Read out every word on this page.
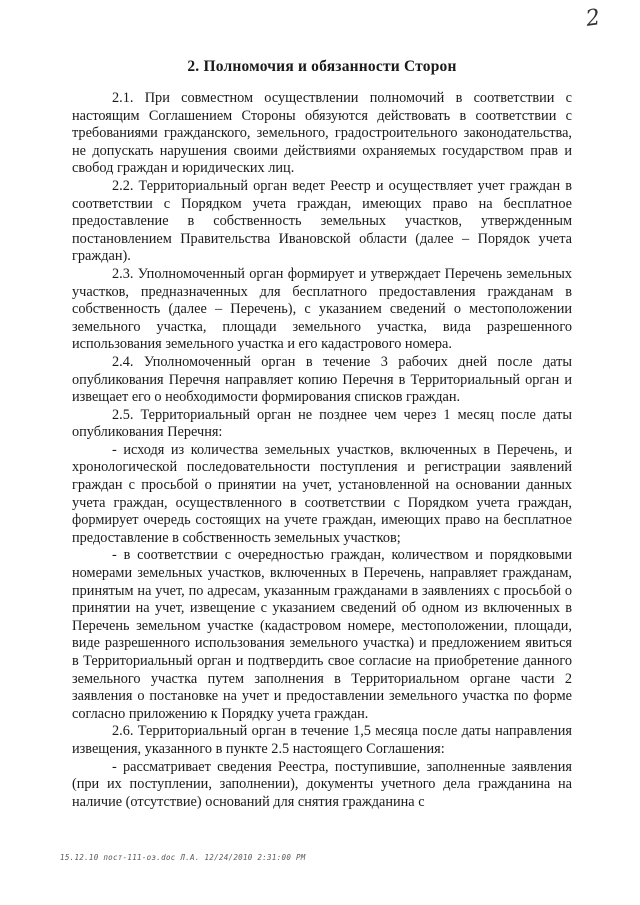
2
2. Полномочия и обязанности Сторон

2.1. При совместном осуществлении полномочий в соответствии с настоящим Соглашением Стороны обязуются действовать в соответствии с требованиями гражданского, земельного, градостроительного законодательства, не допускать нарушения своими действиями охраняемых государством прав и свобод граждан и юридических лиц.

2.2. Территориальный орган ведет Реестр и осуществляет учет граждан в соответствии с Порядком учета граждан, имеющих право на бесплатное предоставление в собственность земельных участков, утвержденным постановлением Правительства Ивановской области (далее – Порядок учета граждан).

2.3. Уполномоченный орган формирует и утверждает Перечень земельных участков, предназначенных для бесплатного предоставления гражданам в собственность (далее – Перечень), с указанием сведений о местоположении земельного участка, площади земельного участка, вида разрешенного использования земельного участка и его кадастрового номера.

2.4. Уполномоченный орган в течение 3 рабочих дней после даты опубликования Перечня направляет копию Перечня в Территориальный орган и извещает его о необходимости формирования списков граждан.

2.5. Территориальный орган не позднее чем через 1 месяц после даты опубликования Перечня:

- исходя из количества земельных участков, включенных в Перечень, и хронологической последовательности поступления и регистрации заявлений граждан с просьбой о принятии на учет, установленной на основании данных учета граждан, осуществленного в соответствии с Порядком учета граждан, формирует очередь состоящих на учете граждан, имеющих право на бесплатное предоставление в собственность земельных участков;

- в соответствии с очередностью граждан, количеством и порядковыми номерами земельных участков, включенных в Перечень, направляет гражданам, принятым на учет, по адресам, указанным гражданами в заявлениях с просьбой о принятии на учет, извещение с указанием сведений об одном из включенных в Перечень земельном участке (кадастровом номере, местоположении, площади, виде разрешенного использования земельного участка) и предложением явиться в Территориальный орган и подтвердить свое согласие на приобретение данного земельного участка путем заполнения в Территориальном органе части 2 заявления о постановке на учет и предоставлении земельного участка по форме согласно приложению к Порядку учета граждан.

2.6. Территориальный орган в течение 1,5 месяца после даты направления извещения, указанного в пункте 2.5 настоящего Соглашения:

- рассматривает сведения Реестра, поступившие, заполненные заявления (при их поступлении, заполнении), документы учетного дела гражданина на наличие (отсутствие) оснований для снятия гражданина с

15.12.10 пост-111-оз.doc Л.А. 12/24/2010 2:31:00 PM
